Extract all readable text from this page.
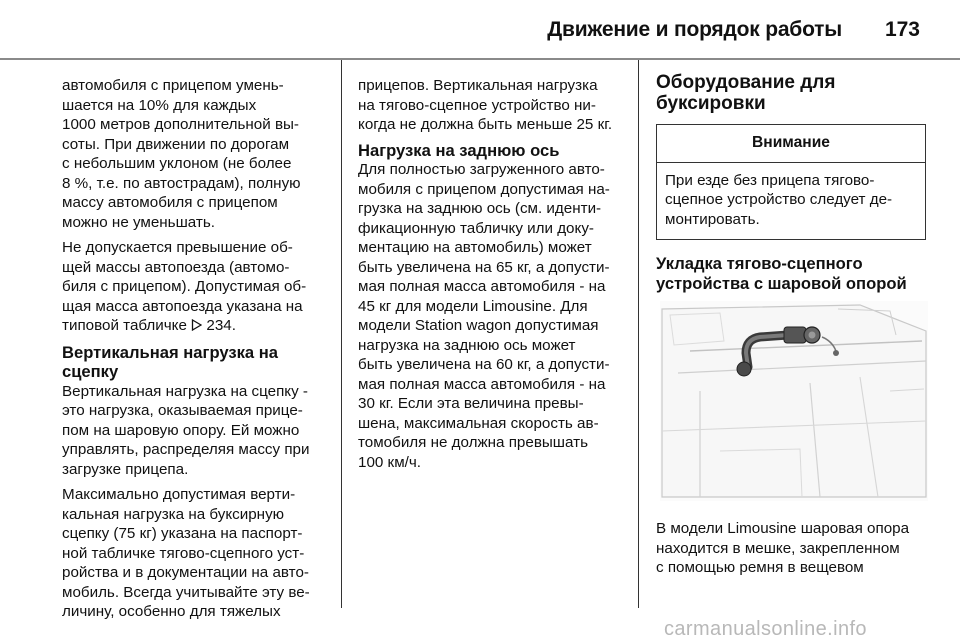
Движение и порядок работы 173
автомобиля с прицепом умень-
шается на 10% для каждых
1000 метров дополнительной вы-
соты. При движении по дорогам
с небольшим уклоном (не более
8 %, т.е. по автострадам), полную
массу автомобиля с прицепом
можно не уменьшать.
Не допускается превышение об-
щей массы автопоезда (автомо-
биля с прицепом). Допустимая об-
щая масса автопоезда указана на
типовой табличке 234.
Вертикальная нагрузка на
сцепку
Вертикальная нагрузка на сцепку -
это нагрузка, оказываемая прице-
пом на шаровую опору. Ей можно
управлять, распределяя массу при
загрузке прицепа.
Максимально допустимая верти-
кальная нагрузка на буксирную
сцепку (75 кг) указана на паспорт-
ной табличке тягово-сцепного уст-
ройства и в документации на авто-
мобиль. Всегда учитывайте эту ве-
личину, особенно для тяжелых
прицепов. Вертикальная нагрузка
на тягово-сцепное устройство ни-
когда не должна быть меньше 25 кг.
Нагрузка на заднюю ось
Для полностью загруженного авто-
мобиля с прицепом допустимая на-
грузка на заднюю ось (см. иденти-
фикационную табличку или доку-
ментацию на автомобиль) может
быть увеличена на 65 кг, а допусти-
мая полная масса автомобиля - на
45 кг для модели Limousine. Для
модели Station wagon допустимая
нагрузка на заднюю ось может
быть увеличена на 60 кг, а допусти-
мая полная масса автомобиля - на
30 кг. Если эта величина превы-
шена, максимальная скорость ав-
томобиля не должна превышать
100 км/ч.
Оборудование для
буксировки
Внимание
При езде без прицепа тягово-
сцепное устройство следует де-
монтировать.
Укладка тягово-сцепного
устройства с шаровой опорой
В модели Limousine шаровая опора
находится в мешке, закрепленном
с помощью ремня в вещевом
carmanualsonline.info
